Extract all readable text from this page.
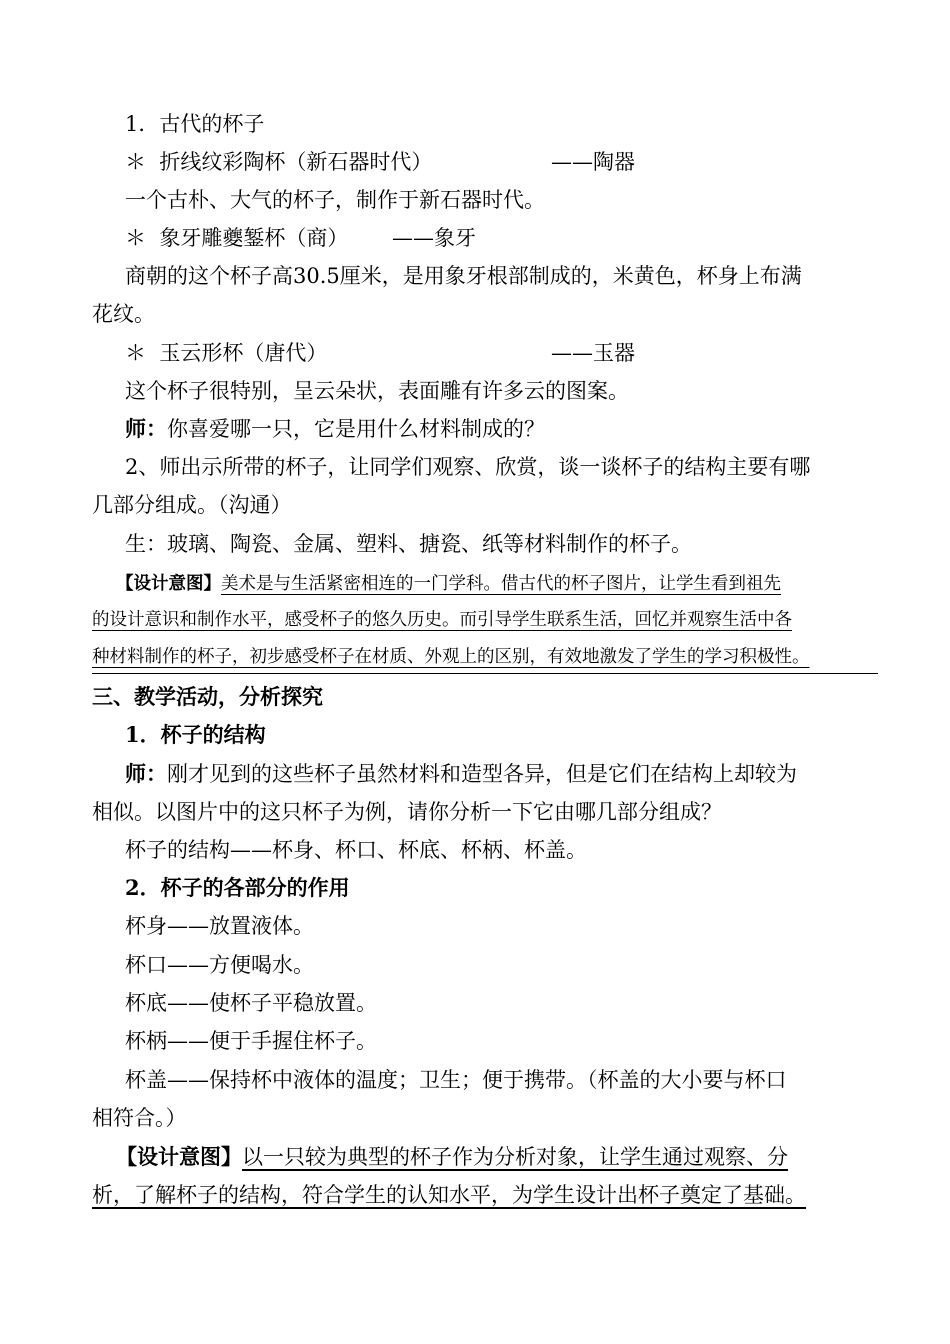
1．古代的杯子
＊ 折线纹彩陶杯（新石器时代）	——陶器
一个古朴、大气的杯子，制作于新石器时代。
＊ 象牙雕夔錾杯（商） ——象牙
商朝的这个杯子高30.5厘米，是用象牙根部制成的，米黄色，杯身上布满
花纹。
＊ 玉云形杯（唐代）	——玉器
这个杯子很特别，呈云朵状，表面雕有许多云的图案。
师：你喜爱哪一只，它是用什么材料制成的？
2、师出示所带的杯子，让同学们观察、欣赏，谈一谈杯子的结构主要有哪
几部分组成。（沟通）
生：玻璃、陶瓷、金属、塑料、搪瓷、纸等材料制作的杯子。
【设计意图】美术是与生活紧密相连的一门学科。借古代的杯子图片，让学生看到祖先
的设计意识和制作水平，感受杯子的悠久历史。而引导学生联系生活，回忆并观察生活中各
种材料制作的杯子，初步感受杯子在材质、外观上的区别，有效地激发了学生的学习积极性。
三、教学活动，分析探究
1．杯子的结构
师：刚才见到的这些杯子虽然材料和造型各异，但是它们在结构上却较为
相似。以图片中的这只杯子为例，请你分析一下它由哪几部分组成？
杯子的结构——杯身、杯口、杯底、杯柄、杯盖。
2．杯子的各部分的作用
杯身——放置液体。
杯口——方便喝水。
杯底——使杯子平稳放置。
杯柄——便于手握住杯子。
杯盖——保持杯中液体的温度；卫生；便于携带。（杯盖的大小要与杯口
相符合。）
【设计意图】以一只较为典型的杯子作为分析对象，让学生通过观察、分
析，了解杯子的结构，符合学生的认知水平，为学生设计出杯子奠定了基础。
